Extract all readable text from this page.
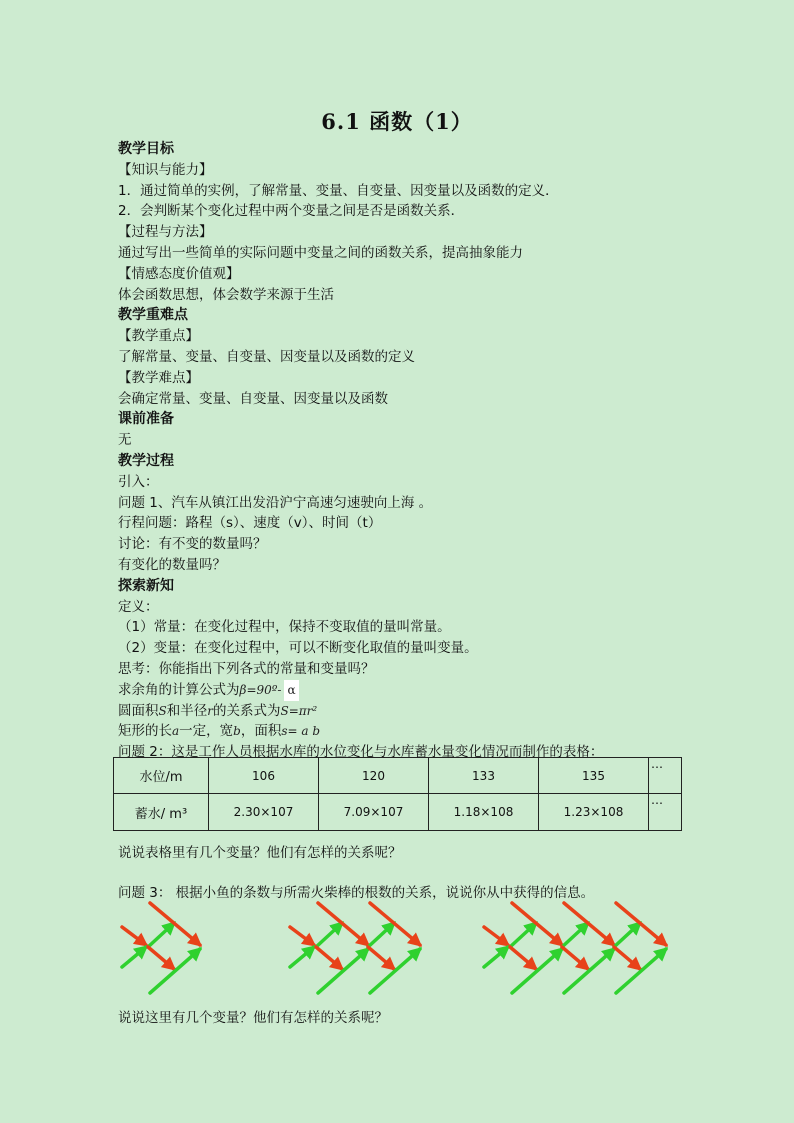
6.1 函数（1）
教学目标
【知识与能力】
1．通过简单的实例，了解常量、变量、自变量、因变量以及函数的定义．
2．会判断某个变化过程中两个变量之间是否是函数关系．
【过程与方法】
通过写出一些简单的实际问题中变量之间的函数关系，提高抽象能力
【情感态度价值观】
体会函数思想，体会数学来源于生活
教学重难点
【教学重点】
了解常量、变量、自变量、因变量以及函数的定义
【教学难点】
会确定常量、变量、自变量、因变量以及函数
课前准备
无
教学过程
引入：
问题 1、汽车从镇江出发沿沪宁高速匀速驶向上海 。
行程问题：路程（s）、速度（v）、时间（t）
讨论：有不变的数量吗？
有变化的数量吗？
探索新知
定义：
（1）常量：在变化过程中，保持不变取值的量叫常量。
（2）变量：在变化过程中，可以不断变化取值的量叫变量。
思考：你能指出下列各式的常量和变量吗？
求余角的计算公式为β=90º- α
圆面积S和半径r的关系式为S=πr²
矩形的长a一定，宽b，面积s= a b
问题 2：这是工作人员根据水库的水位变化与水库蓄水量变化情况而制作的表格：
水位/m	106	120	133	135	…
蓄水/ m³	2.30×107	7.09×107	1.18×108	1.23×108	…
说说表格里有几个变量？他们有怎样的关系呢？
问题 3： 根据小鱼的条数与所需火柴棒的根数的关系，说说你从中获得的信息。
说说这里有几个变量？他们有怎样的关系呢？
